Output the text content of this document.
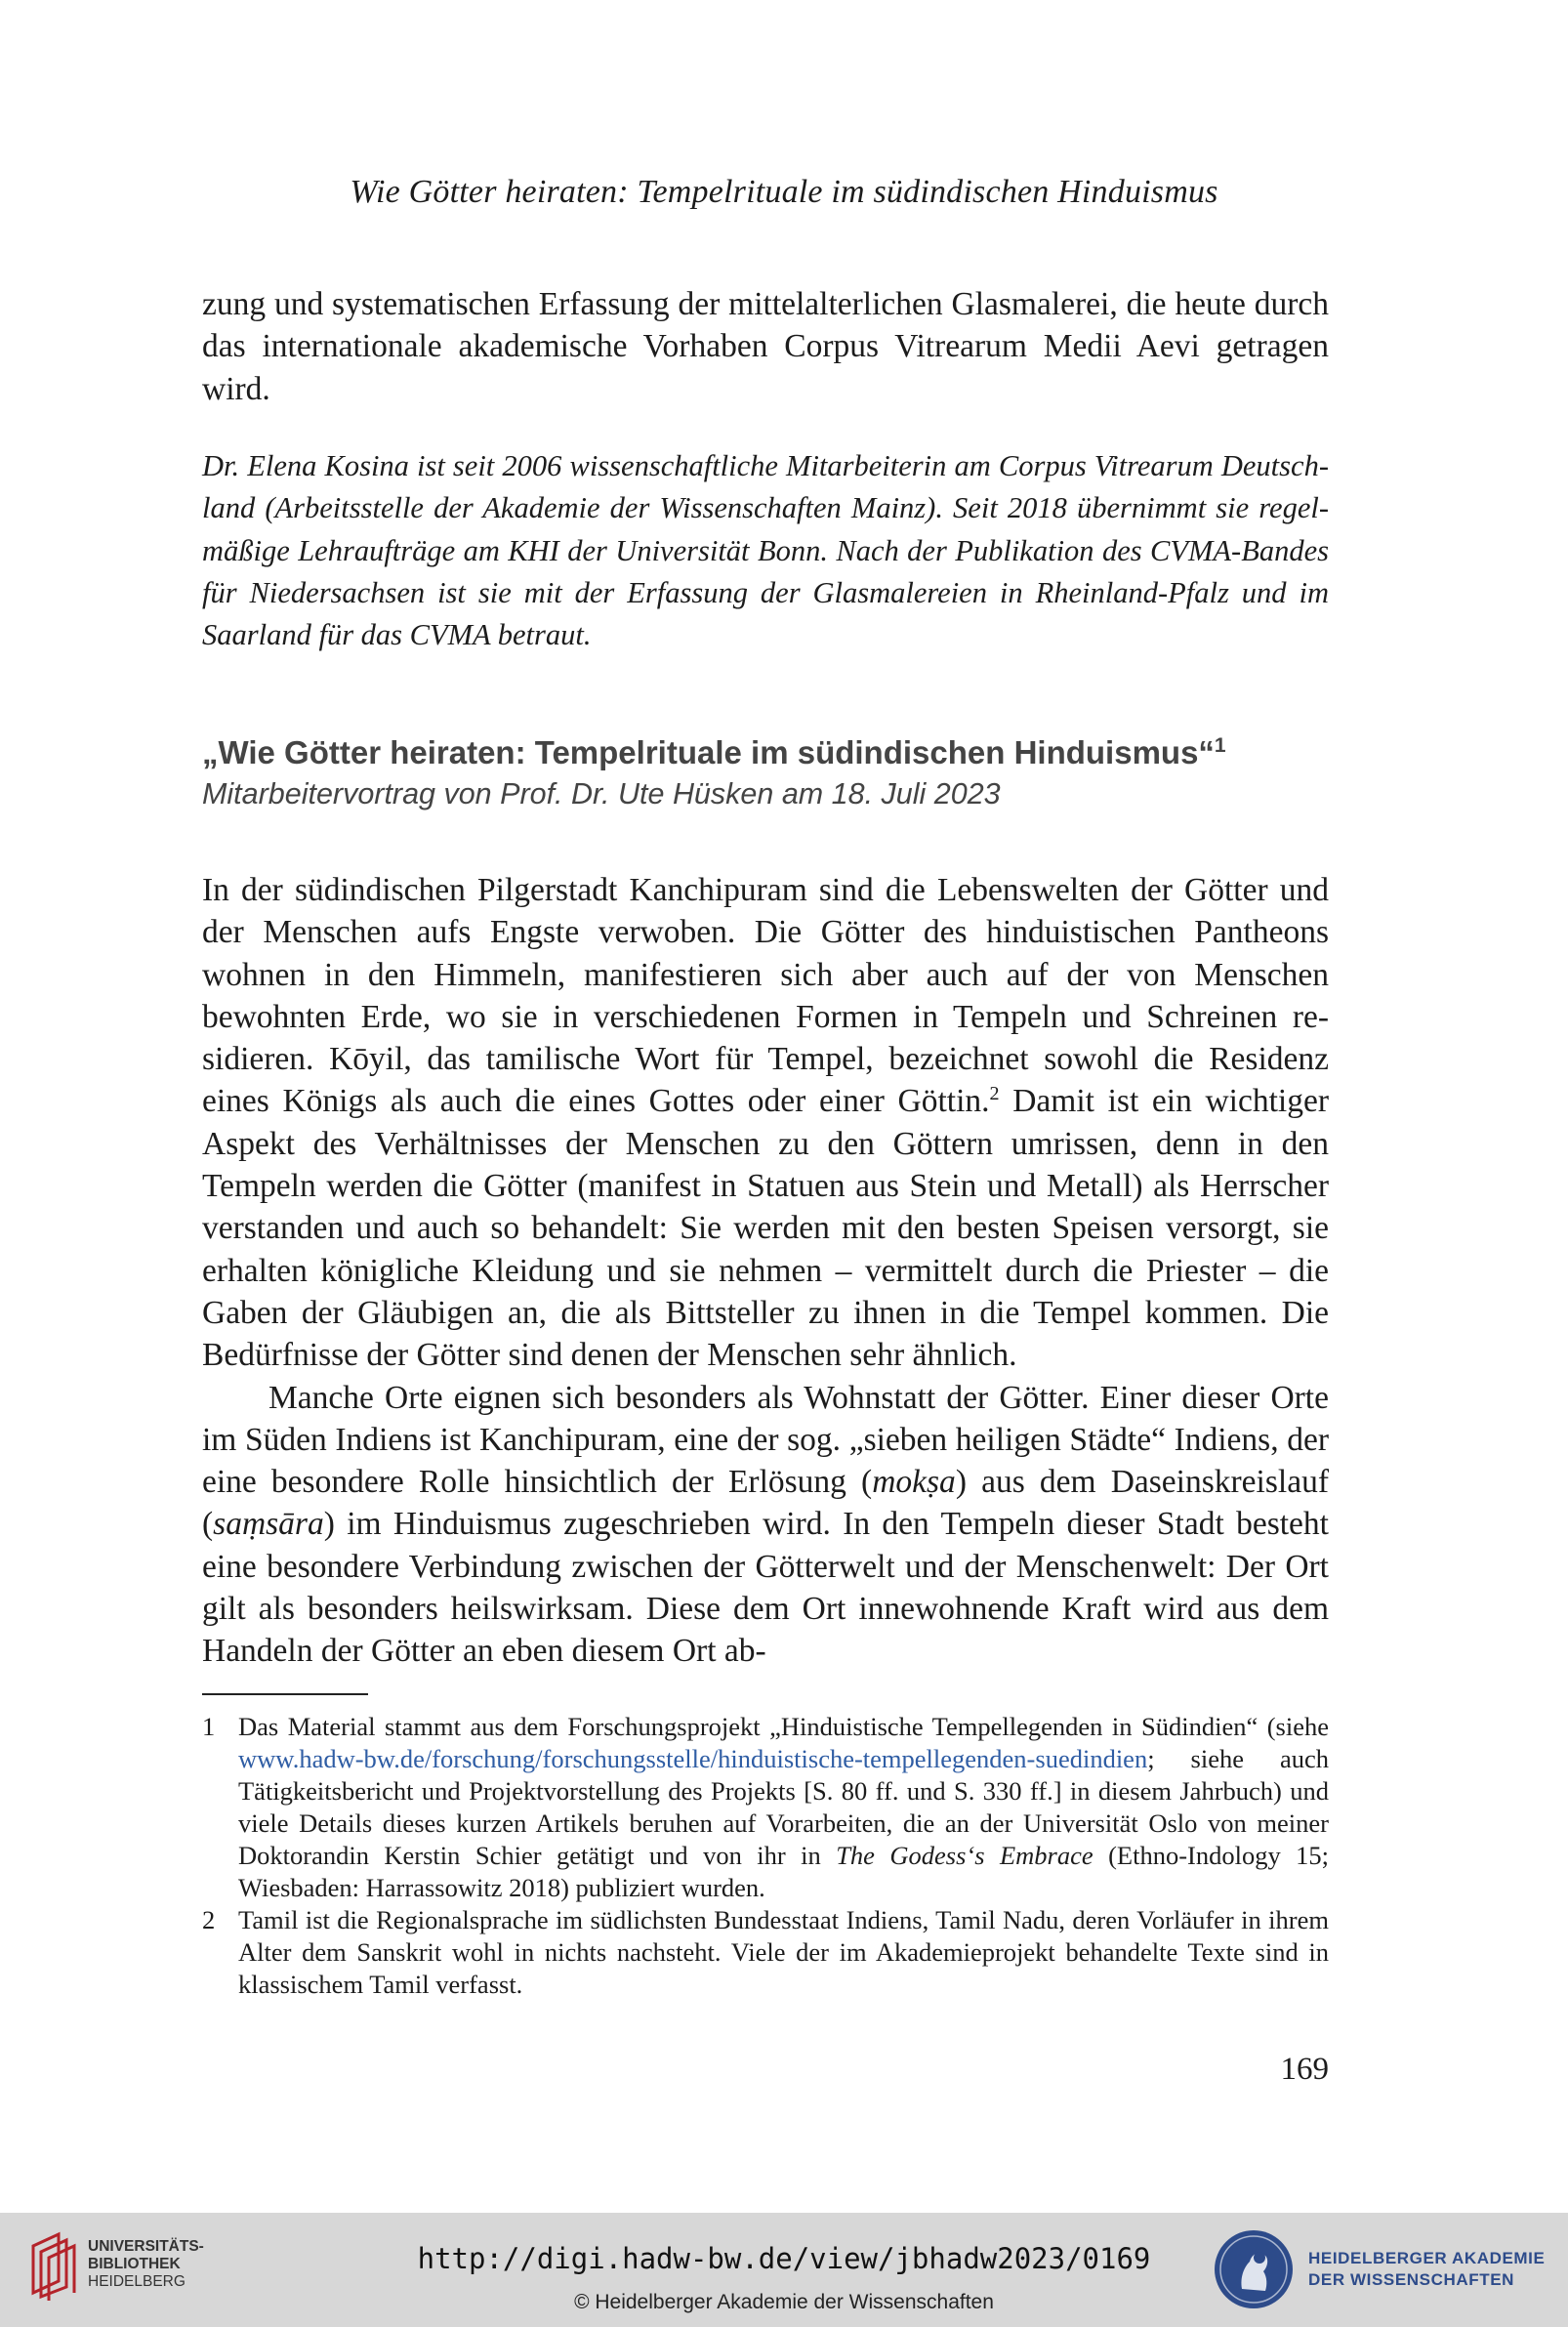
Wie Götter heiraten: Tempelrituale im südindischen Hinduismus

zung und systematischen Erfassung der mittelalterlichen Glasmalerei, die heute durch das internationale akademische Vorhaben Corpus Vitrearum Medii Aevi getragen wird.

Dr. Elena Kosina ist seit 2006 wissenschaftliche Mitarbeiterin am Corpus Vitrearum Deutschland (Arbeitsstelle der Akademie der Wissenschaften Mainz). Seit 2018 übernimmt sie regelmäßige Lehraufträge am KHI der Universität Bonn. Nach der Publikation des CVMA-Bandes für Niedersachsen ist sie mit der Erfassung der Glasmalereien in Rheinland-Pfalz und im Saarland für das CVMA betraut.

„Wie Götter heiraten: Tempelrituale im südindischen Hinduismus“$^1$

Mitarbeitervortrag von Prof. Dr. Ute Hüsken am 18. Juli 2023

In der südindischen Pilgerstadt Kanchipuram sind die Lebenswelten der Götter und der Menschen aufs Engste verwoben. Die Götter des hinduistischen Pantheons wohnen in den Himmeln, manifestieren sich aber auch auf der von Menschen bewohnten Erde, wo sie in verschiedenen Formen in Tempeln und Schreinen residieren. Kōyil, das tamilische Wort für Tempel, bezeichnet sowohl die Residenz eines Königs als auch die eines Gottes oder einer Göttin.$^2$ Damit ist ein wichtiger Aspekt des Verhältnisses der Menschen zu den Göttern umrissen, denn in den Tempeln werden die Götter (manifest in Statuen aus Stein und Metall) als Herrscher verstanden und auch so behandelt: Sie werden mit den besten Speisen versorgt, sie erhalten königliche Kleidung und sie nehmen – vermittelt durch die Priester – die Gaben der Gläubigen an, die als Bittsteller zu ihnen in die Tempel kommen. Die Bedürfnisse der Götter sind denen der Menschen sehr ähnlich.

Manche Orte eignen sich besonders als Wohnstatt der Götter. Einer dieser Orte im Süden Indiens ist Kanchipuram, eine der sog. „sieben heiligen Städte“ Indiens, der eine besondere Rolle hinsichtlich der Erlösung (mokṣa) aus dem Daseinskreislauf (saṃsāra) im Hinduismus zugeschrieben wird. In den Tempeln dieser Stadt besteht eine besondere Verbindung zwischen der Götterwelt und der Menschenwelt: Der Ort gilt als besonders heilswirksam. Diese dem Ort innewohnende Kraft wird aus dem Handeln der Götter an eben diesem Ort ab-

1 Das Material stammt aus dem Forschungsprojekt „Hinduistische Tempellegenden in Südindien“ (siehe www.hadw-bw.de/forschung/forschungsstelle/hinduistische-tempellegenden-suedindien; siehe auch Tätigkeitsbericht und Projektvorstellung des Projekts [S. 80 ff. und S. 330 ff.] in diesem Jahrbuch) und viele Details dieses kurzen Artikels beruhen auf Vorarbeiten, die an der Universität Oslo von meiner Doktorandin Kerstin Schier getätigt und von ihr in The Godess‘s Embrace (Ethno-Indology 15; Wiesbaden: Harrassowitz 2018) publiziert wurden.

2 Tamil ist die Regionalsprache im südlichsten Bundesstaat Indiens, Tamil Nadu, deren Vorläufer in ihrem Alter dem Sanskrit wohl in nichts nachsteht. Viele der im Akademieprojekt behandelte Texte sind in klassischem Tamil verfasst.

169
UNIVERSITÄTS-
BIBLIOTHEK
HEIDELBERG
http://digi.hadw-bw.de/view/jbhadw2023/0169
© Heidelberger Akademie der Wissenschaften
HEIDELBERGER AKADEMIE
DER WISSENSCHAFTEN
